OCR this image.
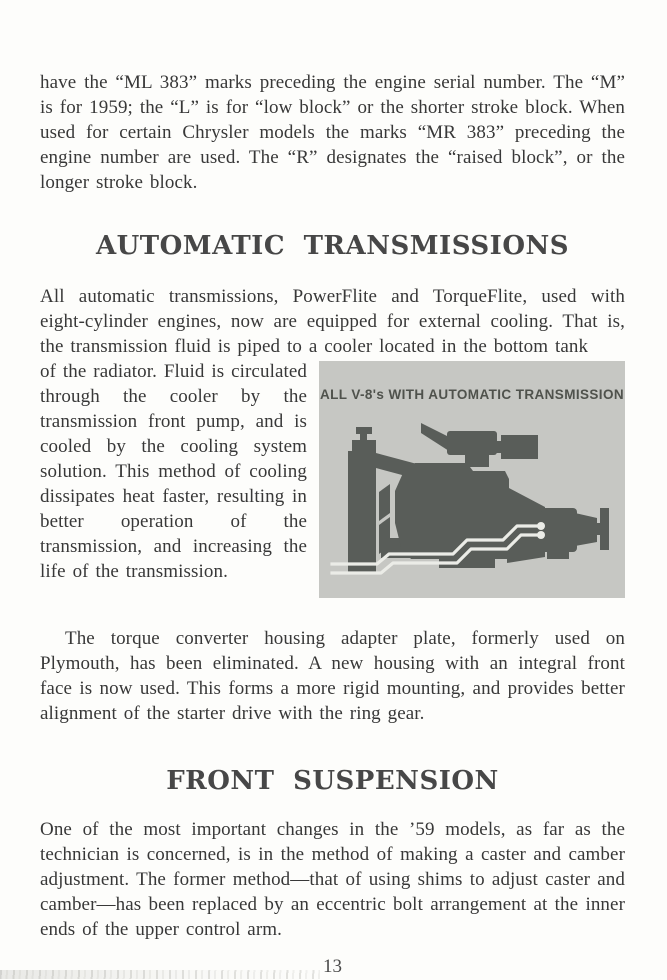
have the “ML 383” marks preceding the engine serial number. The “M” is for 1959; the “L” is for “low block” or the shorter stroke block. When used for certain Chrysler models the marks “MR 383” preceding the engine number are used. The “R” designates the “raised block”, or the longer stroke block.

AUTOMATIC TRANSMISSIONS

All automatic transmissions, PowerFlite and TorqueFlite, used with eight-cylinder engines, now are equipped for external cooling. That is, the transmission fluid is piped to a cooler located in the bottom tank

of the radiator. Fluid is circulated through the cooler by the transmission front pump, and is cooled by the cooling system solution. This method of cooling dissipates heat faster, resulting in better operation of the transmission, and increasing the life of the transmission.

ALL V-8's WITH AUTOMATIC TRANSMISSION

The torque converter housing adapter plate, formerly used on Plymouth, has been eliminated. A new housing with an integral front face is now used. This forms a more rigid mounting, and provides better alignment of the starter drive with the ring gear.

FRONT SUSPENSION

One of the most important changes in the ’59 models, as far as the technician is concerned, is in the method of making a caster and camber adjustment. The former method—that of using shims to adjust caster and camber—has been replaced by an eccentric bolt arrangement at the inner ends of the upper control arm.

13
